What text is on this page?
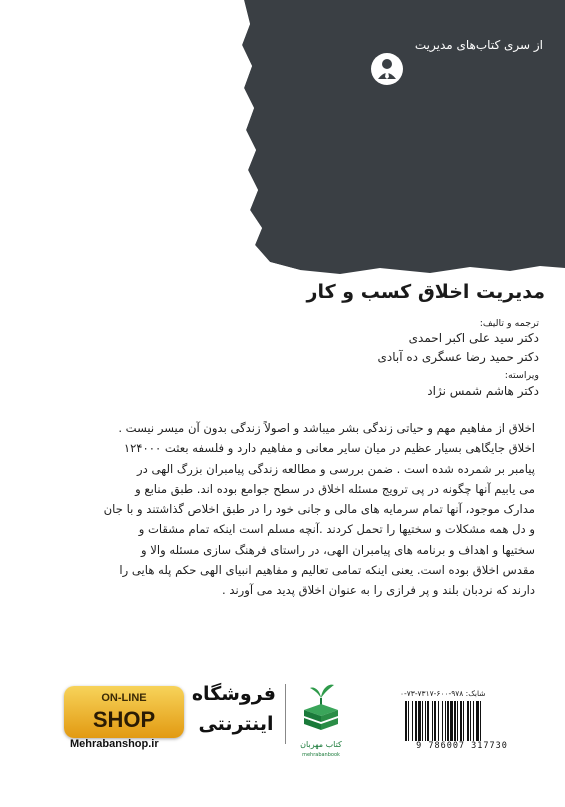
از سری کتاب‌های مدیریت
مدیریت اخلاق کسب و کار
ترجمه و تالیف:
دکتر سید علی اکبر احمدی
دکتر حمید رضا عسگری ده آبادی
ویراسته:
دکتر هاشم شمس نژاد
اخلاق از مفاهیم مهم و حیاتی زندگی بشر میباشد و اصولاً زندگی بدون آن میسر نیست .
اخلاق جایگاهی بسیار عظیم در میان سایر معانی و مفاهیم دارد و فلسفه بعثت ۱۲۴۰۰۰
پیامبر بر شمرده شده است . ضمن بررسی و مطالعه زندگی پیامبران بزرگ الهی در
می یابیم آنها چگونه در پی ترویج مسئله اخلاق در سطح جوامع بوده اند. طبق منابع و
مدارک موجود، آنها تمام سرمایه های مالی و جانی خود را در طبق اخلاص گذاشتند و با جان
و دل همه مشکلات و سختیها را تحمل کردند .آنچه مسلم است اینکه تمام مشقات و
سختیها و اهداف و برنامه های پیامبران الهی، در راستای فرهنگ سازی مسئله والا و
مقدس اخلاق بوده است. یعنی اینکه تمامی تعالیم و مفاهیم انبیای الهی حکم پله هایی را
دارند که نردبان بلند و پر فرازی را به عنوان اخلاق پدید می آورند .
ON-LINE
SHOP
Mehrabanshop.ir
فروشگاه
اینترنتی
کتاب مهربان
mehrabanbook
شابک: ۹۷۸-۶۰۰-۷۳۱۷-۷۳-۰
9 786007 317730
